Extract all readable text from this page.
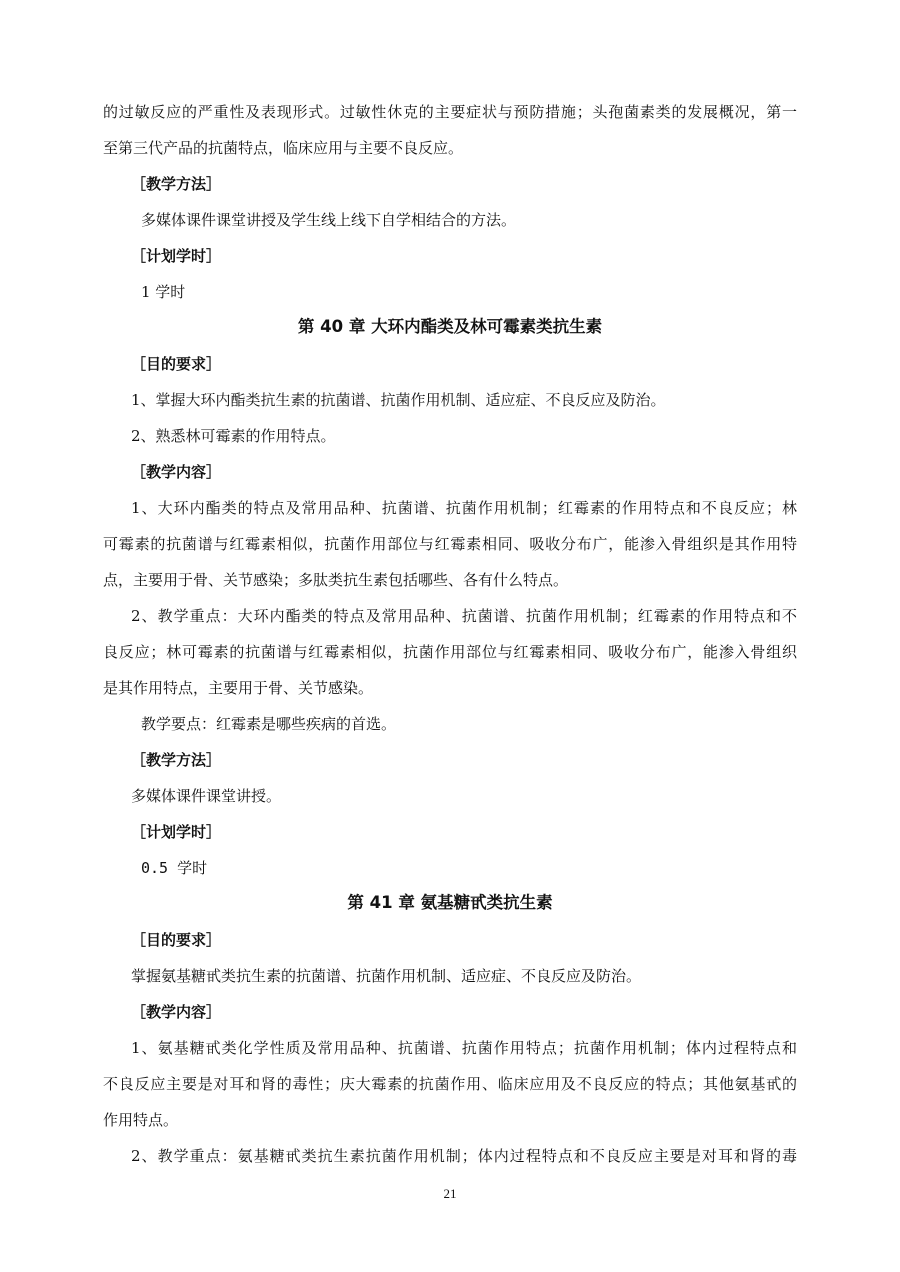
的过敏反应的严重性及表现形式。过敏性休克的主要症状与预防措施；头孢菌素类的发展概况，第一
至第三代产品的抗菌特点，临床应用与主要不良反应。
［教学方法］
多媒体课件课堂讲授及学生线上线下自学相结合的方法。
［计划学时］
1 学时
第 40 章 大环内酯类及林可霉素类抗生素
［目的要求］
1、掌握大环内酯类抗生素的抗菌谱、抗菌作用机制、适应症、不良反应及防治。
2、熟悉林可霉素的作用特点。
［教学内容］
1、大环内酯类的特点及常用品种、抗菌谱、抗菌作用机制；红霉素的作用特点和不良反应；林
可霉素的抗菌谱与红霉素相似，抗菌作用部位与红霉素相同、吸收分布广，能渗入骨组织是其作用特
点，主要用于骨、关节感染；多肽类抗生素包括哪些、各有什么特点。
2、教学重点：大环内酯类的特点及常用品种、抗菌谱、抗菌作用机制；红霉素的作用特点和不
良反应；林可霉素的抗菌谱与红霉素相似，抗菌作用部位与红霉素相同、吸收分布广，能渗入骨组织
是其作用特点，主要用于骨、关节感染。
教学要点：红霉素是哪些疾病的首选。
［教学方法］
多媒体课件课堂讲授。
［计划学时］
0.5 学时
第 41 章 氨基糖甙类抗生素
［目的要求］
掌握氨基糖甙类抗生素的抗菌谱、抗菌作用机制、适应症、不良反应及防治。
［教学内容］
1、氨基糖甙类化学性质及常用品种、抗菌谱、抗菌作用特点；抗菌作用机制；体内过程特点和
不良反应主要是对耳和肾的毒性；庆大霉素的抗菌作用、临床应用及不良反应的特点；其他氨基甙的
作用特点。
2、教学重点：氨基糖甙类抗生素抗菌作用机制；体内过程特点和不良反应主要是对耳和肾的毒
21
